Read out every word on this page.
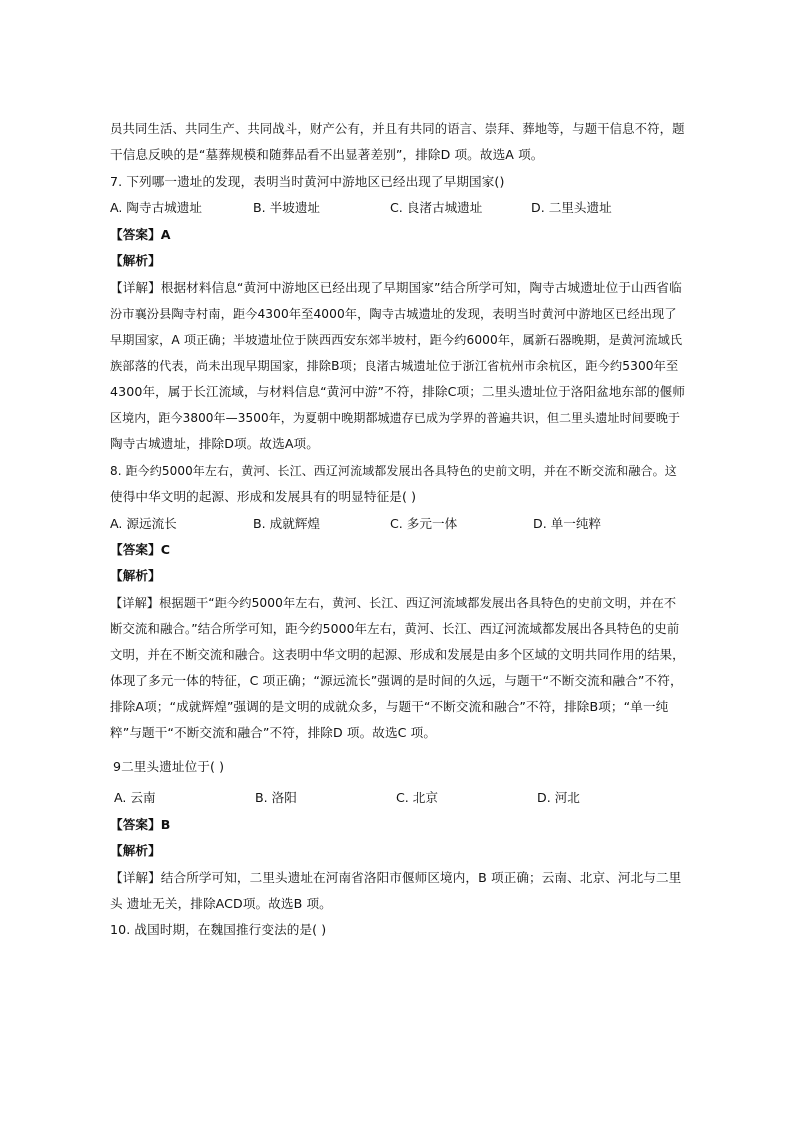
员共同生活、共同生产、共同战斗，财产公有，并且有共同的语言、崇拜、葬地等，与题干信息不符，题
干信息反映的是“墓葬规模和随葬品看不出显著差别”，排除D 项。故选A 项。
7. 下列哪一遗址的发现，表明当时黄河中游地区已经出现了早期国家()
A. 陶寺古城遗址	B. 半坡遗址	C. 良渚古城遗址	D. 二里头遗址
【答案】A
【解析】
【详解】根据材料信息“黄河中游地区已经出现了早期国家”结合所学可知，陶寺古城遗址位于山西省临
汾市襄汾县陶寺村南，距今4300年至4000年，陶寺古城遗址的发现，表明当时黄河中游地区已经出现了
早期国家，A 项正确；半坡遗址位于陕西西安东郊半坡村，距今约6000年，属新石器晚期，是黄河流域氏
族部落的代表，尚未出现早期国家，排除B项；良渚古城遗址位于浙江省杭州市余杭区，距今约5300年至
4300年，属于长江流域，与材料信息“黄河中游”不符，排除C项；二里头遗址位于洛阳盆地东部的偃师
区境内，距今3800年—3500年，为夏朝中晚期都城遗存已成为学界的普遍共识，但二里头遗址时间要晚于
陶寺古城遗址，排除D项。故选A项。
8. 距今约5000年左右，黄河、长江、西辽河流域都发展出各具特色的史前文明，并在不断交流和融合。这
使得中华文明的起源、形成和发展具有的明显特征是( )
A. 源远流长	B. 成就辉煌	C. 多元一体	D. 单一纯粹
【答案】C
【解析】
【详解】根据题干“距今约5000年左右，黄河、长江、西辽河流域都发展出各具特色的史前文明，并在不
断交流和融合。”结合所学可知，距今约5000年左右，黄河、长江、西辽河流域都发展出各具特色的史前
文明，并在不断交流和融合。这表明中华文明的起源、形成和发展是由多个区域的文明共同作用的结果，
体现了多元一体的特征，C 项正确；“源远流长”强调的是时间的久远，与题干“不断交流和融合”不符，
排除A项；“成就辉煌”强调的是文明的成就众多，与题干“不断交流和融合”不符，排除B项；“单一纯
粹”与题干“不断交流和融合”不符，排除D 项。故选C 项。
9二里头遗址位于( )
A. 云南	B. 洛阳	C. 北京	D. 河北
【答案】B
【解析】
【详解】结合所学可知，二里头遗址在河南省洛阳市偃师区境内，B 项正确；云南、北京、河北与二里
头 遗址无关，排除ACD项。故选B 项。
10. 战国时期，在魏国推行变法的是( )
